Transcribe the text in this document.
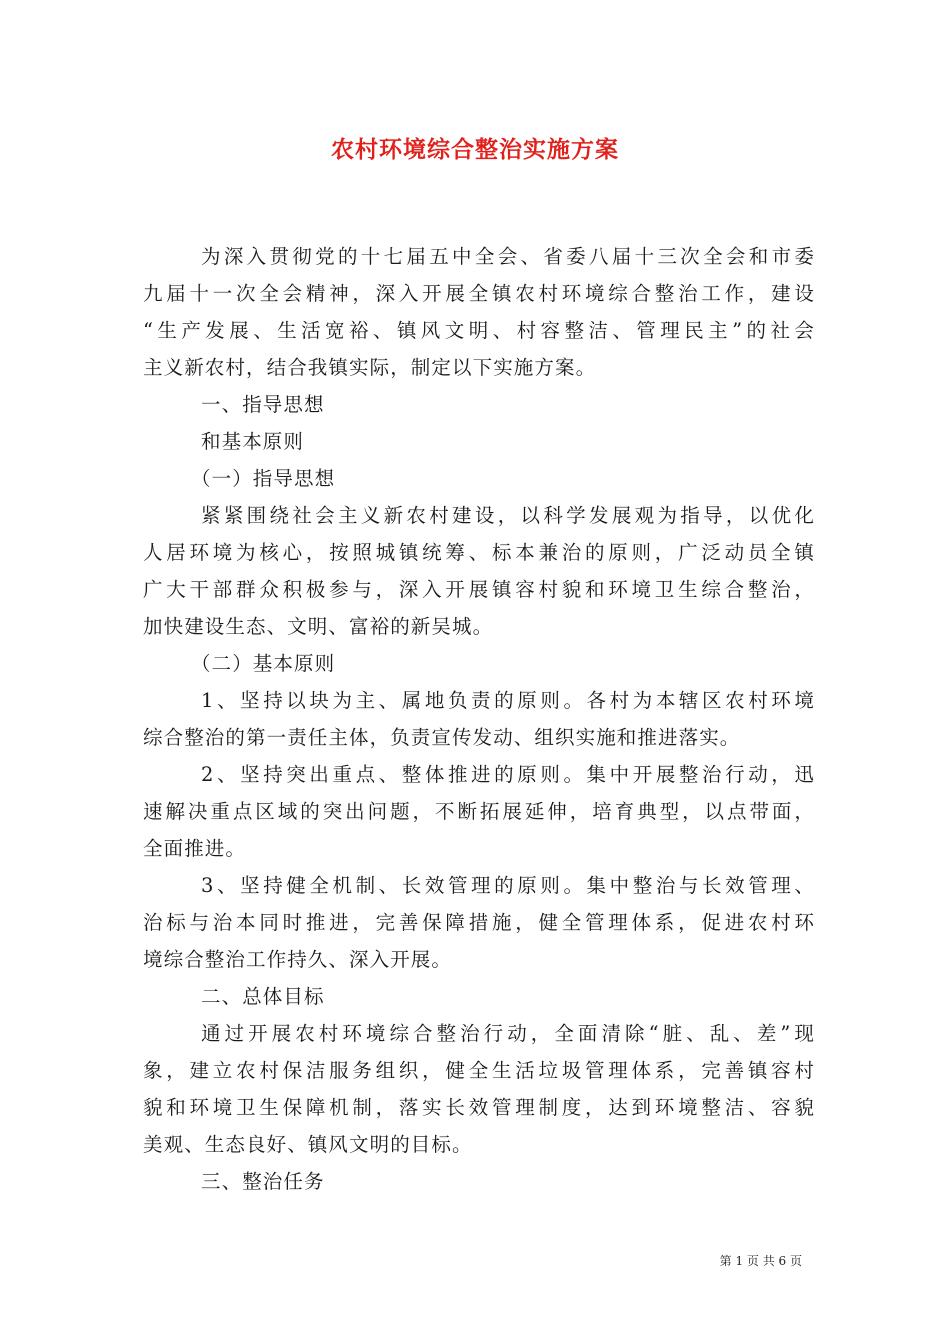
农村环境综合整治实施方案
为深入贯彻党的十七届五中全会、省委八届十三次全会和市委
九届十一次全会精神，深入开展全镇农村环境综合整治工作，建设
“生产发展、生活宽裕、镇风文明、村容整洁、管理民主”的社会
主义新农村，结合我镇实际，制定以下实施方案。
一、指导思想
和基本原则
（一）指导思想
紧紧围绕社会主义新农村建设，以科学发展观为指导，以优化
人居环境为核心，按照城镇统筹、标本兼治的原则，广泛动员全镇
广大干部群众积极参与，深入开展镇容村貌和环境卫生综合整治，
加快建设生态、文明、富裕的新吴城。
（二）基本原则
1、坚持以块为主、属地负责的原则。各村为本辖区农村环境
综合整治的第一责任主体，负责宣传发动、组织实施和推进落实。
2、坚持突出重点、整体推进的原则。集中开展整治行动，迅
速解决重点区域的突出问题，不断拓展延伸，培育典型，以点带面，
全面推进。
3、坚持健全机制、长效管理的原则。集中整治与长效管理、
治标与治本同时推进，完善保障措施，健全管理体系，促进农村环
境综合整治工作持久、深入开展。
二、总体目标
通过开展农村环境综合整治行动，全面清除“脏、乱、差”现
象，建立农村保洁服务组织，健全生活垃圾管理体系，完善镇容村
貌和环境卫生保障机制，落实长效管理制度，达到环境整洁、容貌
美观、生态良好、镇风文明的目标。
三、整治任务
第 1 页 共 6 页
